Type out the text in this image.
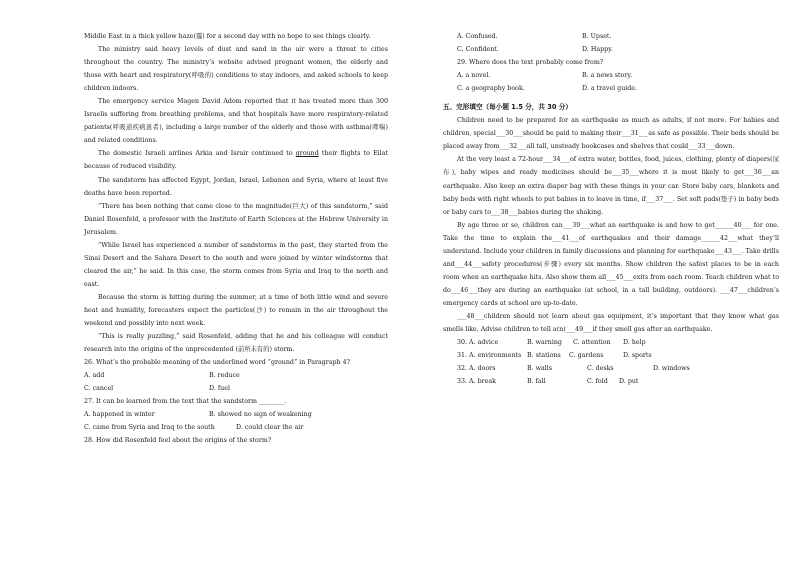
Middle East in a thick yellow haze(霾) for a second day with no hope to see things clearly.

The ministry said heavy levels of dust and sand in the air were a threat to cities throughout the country. The ministry’s website advised pregnant women, the elderly and those with heart and respiratory(呼吸的) conditions to stay indoors, and asked schools to keep children indoors.

The emergency service Magen David Adom reported that it has treated more than 300 Israelis suffering from breathing problems, and that hospitals have more respiratory-related patients(呼吸道疾病患者), including a large number of the elderly and those with asthma(哮喘) and related conditions.

The domestic Israeli airlines Arkia and Israir continued to ground their flights to Eilat because of reduced visibility.

The sandstorm has affected Egypt, Jordan, Israel, Lebanon and Syria, where at least five deaths have been reported.

“There has been nothing that came close to the magnitude(巨大) of this sandstorm,” said Daniel Rosenfeld, a professor with the Institute of Earth Sciences at the Hebrew University in Jerusalem.

“While Israel has experienced a number of sandstorms in the past, they started from the Sinai Desert and the Sahara Desert to the south and were joined by winter windstorms that cleared the air,” he said. In this case, the storm comes from Syria and Iraq to the north and east.

Because the storm is hitting during the summer, at a time of both little wind and severe heat and humidity, forecasters expect the particles(沙) to remain in the air throughout the weekend and possibly into next week.

“This is really puzzling,” said Rosenfeld, adding that he and his colleague will conduct research into the origins of the unprecedented (前所未有的) storm.

26. What’s the probable meaning of the underlined word “ground” in Paragraph 4?

A. add	B. reduce
C. cancel	D. fuel

27. It can be learned from the text that the sandstorm ________.

A. happened in winter	B. showed no sign of weakening
C. came from Syria and Iraq to the south	D. could clear the air

28. How did Rosenfeld feel about the origins of the storm?

A. Confused.	B. Upset.
C. Confident.	D. Happy.

29. Where does the text probably come from?

A. a novel.	B. a news story.
C. a geography book.	D. a travel guide.

五、完形填空（每小题 1.5 分，共 30 分）

Children need to be prepared for an earthquake as much as adults, if not more. For babies and children, special___30___should be paid to making their___31___as safe as possible. Their beds should be placed away from___32___all tall, unsteady bookcases and shelves that could___33___down.

At the very least a 72-hour___34___of extra water, bottles, food, juices, clothing, plenty of diapers(尿布), baby wipes and ready medicines should be___35___where it is most likely to get___36___an earthquake. Also keep an extra diaper bag with these things in your car. Store baby cars, blankets and baby beds with right wheels to put babies in to leave in time, if___37___. Set soft pads(垫子) in baby beds or baby cars to___38___babies during the shaking.

By age three or so, children can___39___what an earthquake is and how to get______40___ for one. Take the time to explain the___41___of earthquakes and their damage______42___what they’ll understand. Include your children in family discussions and planning for earthquake___43___. Take drills and___44___safety procedures(步骤) every six months. Show children the safest places to be in each room when an earthquake hits. Also show them all___45___exits from each room. Teach children what to do___46___they are during an earthquake (at school, in a tall building, outdoors). ___47___children’s emergency cards at school are up-to-date.

___48___children should not learn about gas equipment, it’s important that they know what gas smells like. Advise children to tell a(n)___49___if they smell gas after an earthquake.

30. A. advice	B. warning	C. attention	D. help
31. A. environments B. stations	C. gardens	D. sports
32. A. doors	B. walls	C. desks	D. windows
33. A. break	B. fall	C. fold	D. put
